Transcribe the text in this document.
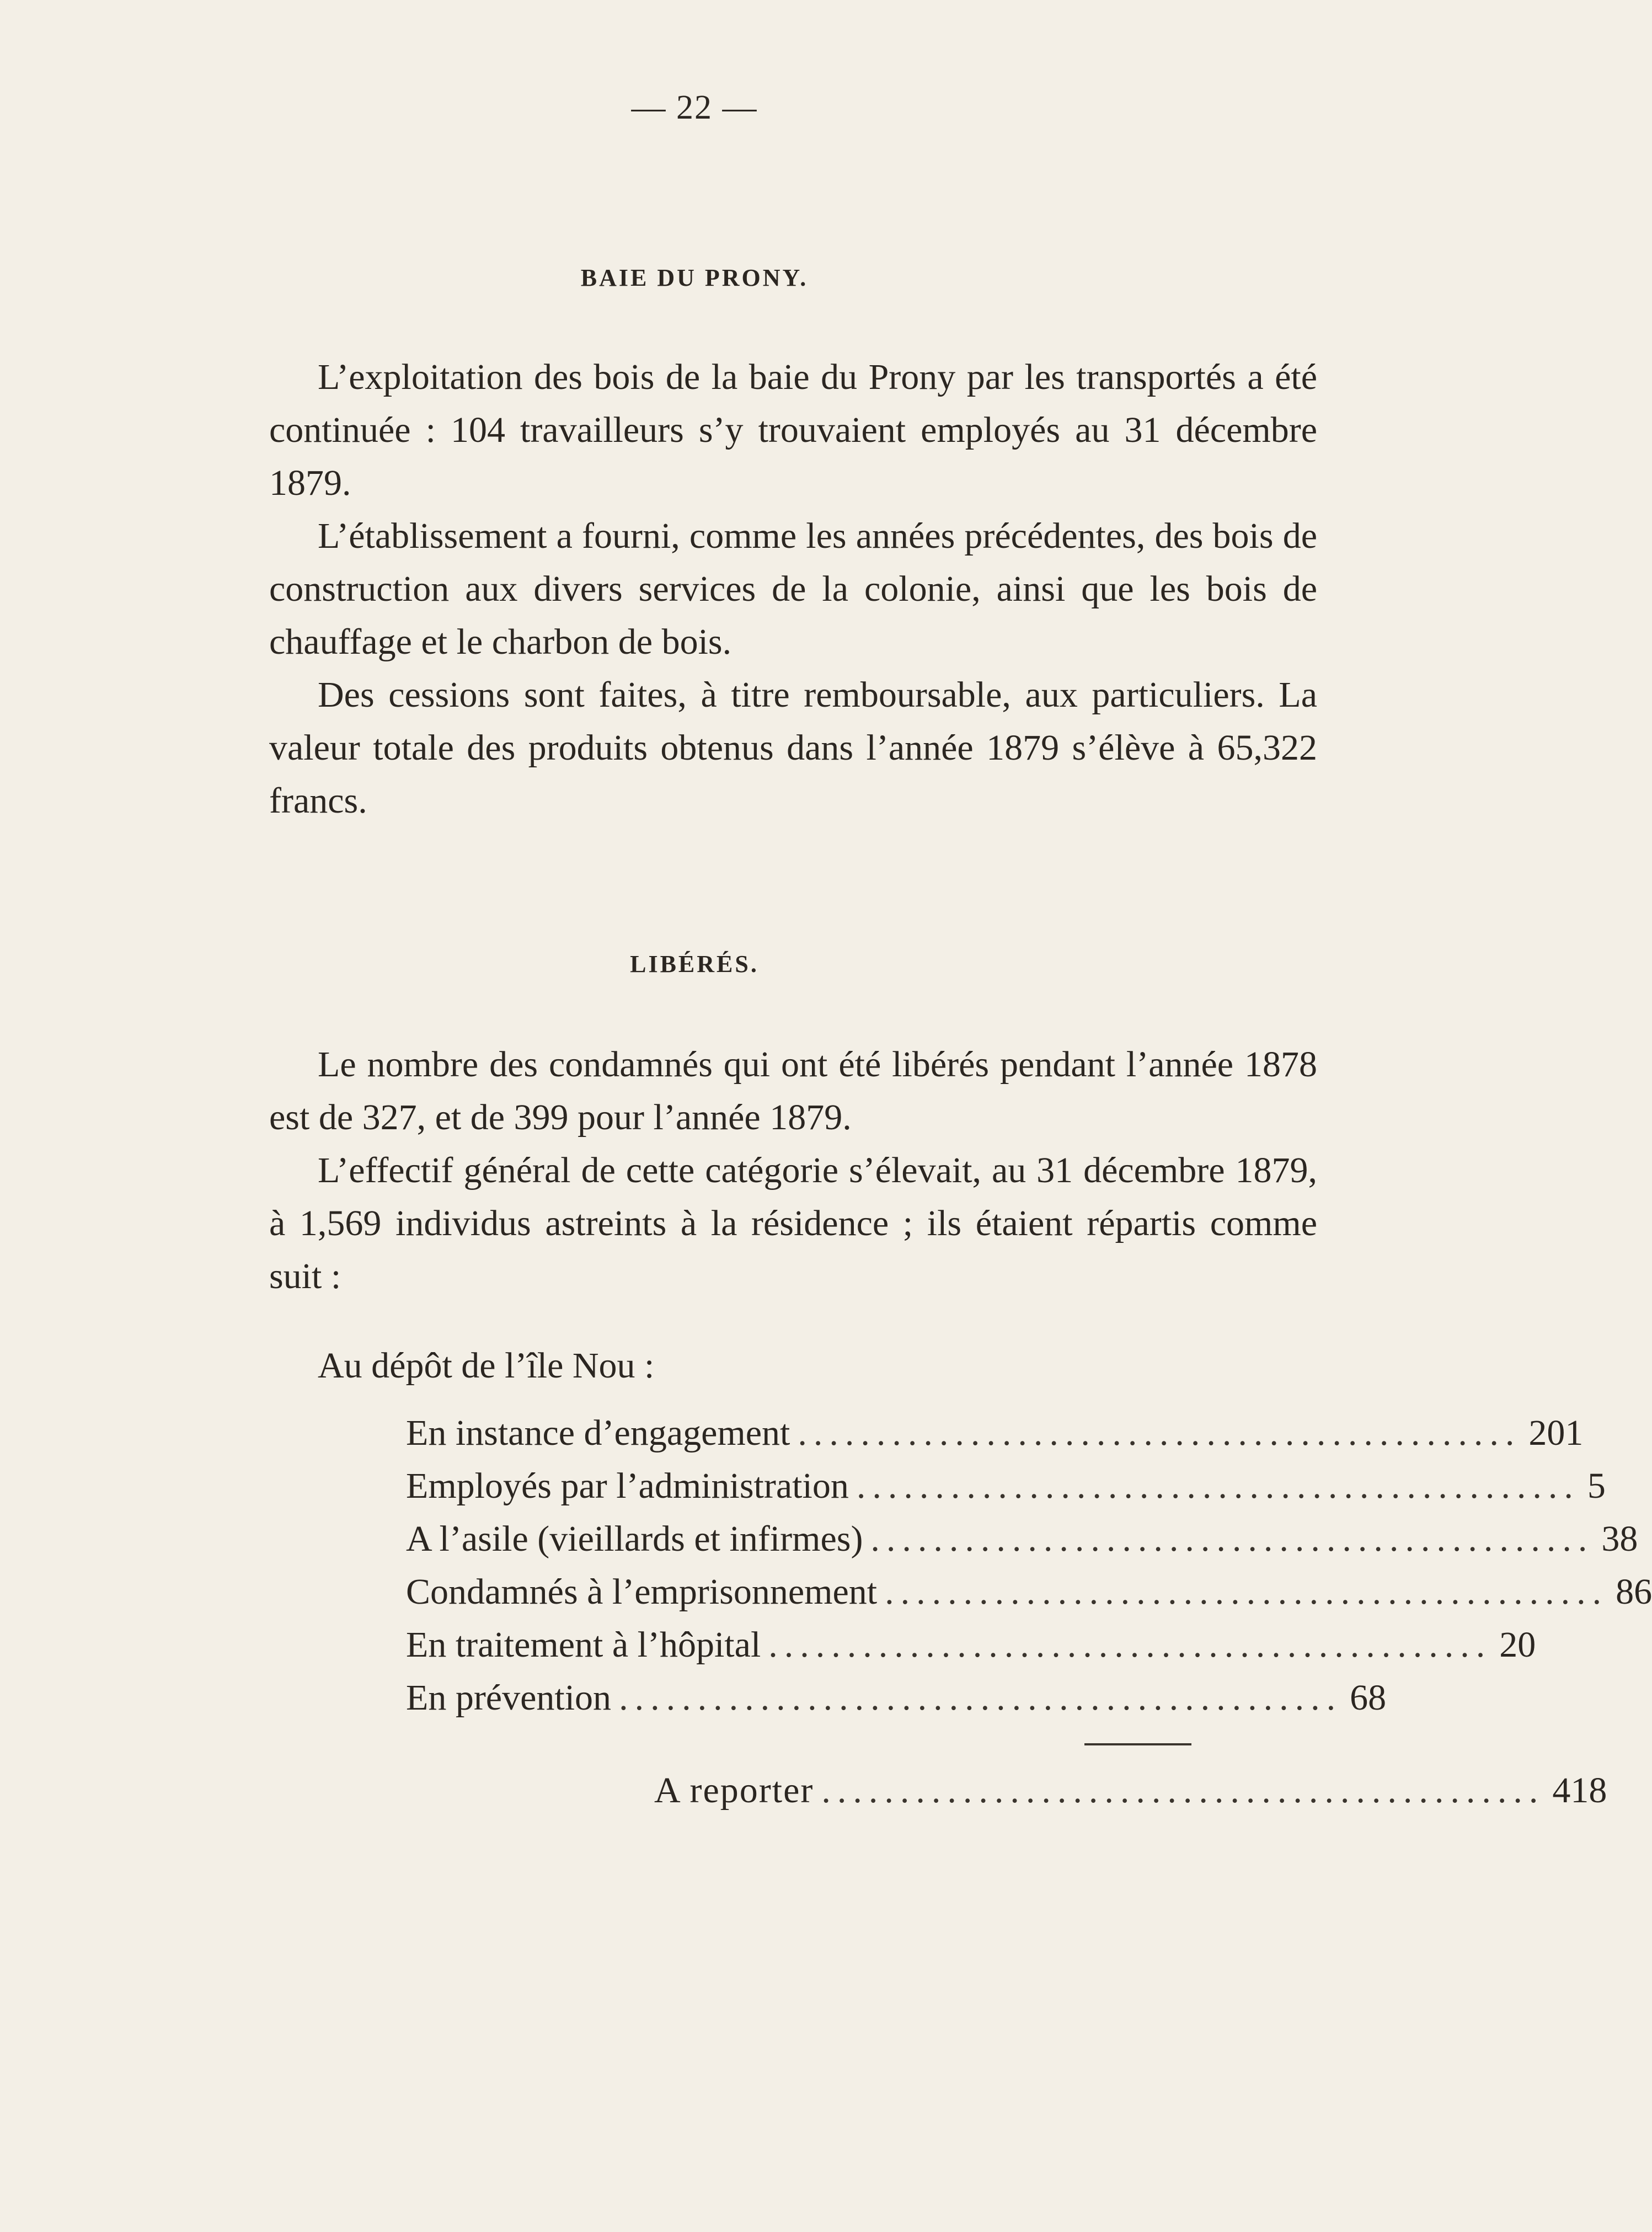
— 22 —
BAIE DU PRONY.

L’exploitation des bois de la baie du Prony par les transportés a été continuée : 104 travailleurs s’y trouvaient employés au 31 décembre 1879.

L’établissement a fourni, comme les années précédentes, des bois de construction aux divers services de la colonie, ainsi que les bois de chauffage et le charbon de bois.

Des cessions sont faites, à titre remboursable, aux particuliers. La valeur totale des produits obtenus dans l’année 1879 s’élève à 65,322 francs.

LIBÉRÉS.

Le nombre des condamnés qui ont été libérés pendant l’année 1878 est de 327, et de 399 pour l’année 1879.

L’effectif général de cette catégorie s’élevait, au 31 décembre 1879, à 1,569 individus astreints à la résidence ; ils étaient répartis comme suit :

Au dépôt de l’île Nou :
En instance d’engagement .............................................. 201
Employés par l’administration .............................................. 5
A l’asile (vieillards et infirmes) .............................................. 38
Condamnés à l’emprisonnement .............................................. 86
En traitement à l’hôpital .............................................. 20
En prévention .............................................. 68
A reporter .............................................. 418
